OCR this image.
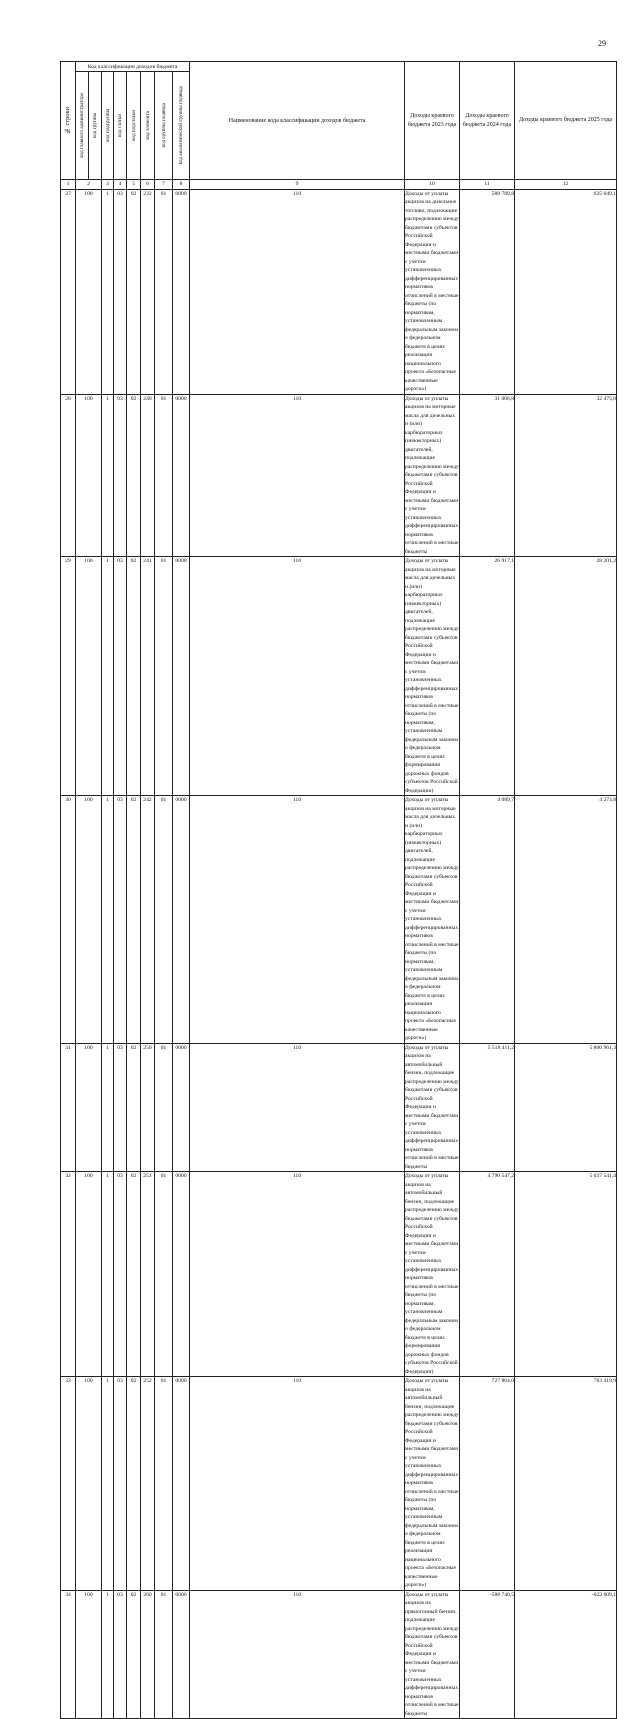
29
№ строки	Код классификации доходов бюджета								Наименование кода классификации доходов бюджета	Доходы краевого бюджета 2023 года	Доходы краевого бюджета 2024 года	Доходы краевого бюджета 2025 года	

	код главного администратора	код группы	код подгруппы	код статьи	код подстатьи	код элемента	код группы подвида	код аналитической группы подвида					

1	2		3	4	5	6	7	8	9	10	11	12	
27	100		1	03	02	232	01	0000	110	Доходы от уплаты акцизов на дизельное топливо, подлежащие распределению между бюджетами субъектов Российской Федерации и местными бюджетами с учетом установленных дифференцированных нормативов отчислений в местные бюджеты (по нормативам, установленным федеральным законом о федеральном бюджете в целях реализации национального проекта «Безопасные качественные дороги»)	588 789,8	625 649,1	
28	100		1	03	02	240	01	0000	110	Доходы от уплаты акцизов на моторные масла для дизельных и (или) карбюраторных (инжекторных) двигателей, подлежащие распределению между бюджетами субъектов Российской Федерации и местными бюджетами с учетом установленных дифференцированных нормативов отчислений в местные бюджеты	31 006,8	32 475,0	
29	100		1	03	02	241	01	0000	110	Доходы от уплаты акцизов на моторные масла для дизельных и (или) карбюраторных (инжекторных) двигателей, подлежащие распределению между бюджетами субъектов Российской Федерации и местными бюджетами с учетом установленных дифференцированных нормативов отчислений в местные бюджеты (по нормативам, установленным федеральным законом о федеральном бюджете в целях формирования дорожных фондов субъектов Российской Федерации)	26 917,1	28 201,2	
30	100		1	03	02	242	01	0000	110	Доходы от уплаты акцизов на моторные масла для дизельных и (или) карбюраторных (инжекторных) двигателей, подлежащие распределению между бюджетами субъектов Российской Федерации и местными бюджетами с учетом установленных дифференцированных нормативов отчислений в местные бюджеты (по нормативам, установленным федеральным законом о федеральном бюджете в целях реализации национального проекта «Безопасные качественные дороги»)	4 089,7	4 273,8	
31	100		1	03	02	250	01	0000	110	Доходы от уплаты акцизов на автомобильный бензин, подлежащие распределению между бюджетами субъектов Российской Федерации и местными бюджетами с учетом установленных дифференцированных нормативов отчислений в местные бюджеты	5 518 411,2	5 800 961,3	
32	100		1	03	02	251	01	0000	110	Доходы от уплаты акцизов на автомобильный бензин, подлежащие распределению между бюджетами субъектов Российской Федерации и местными бюджетами с учетом установленных дифференцированных нормативов отчислений в местные бюджеты (по нормативам, установленным федеральным законом о федеральном бюджете в целях формирования дорожных фондов субъектов Российской Федерации)	4 790 547,2	5 037 541,4	
33	100		1	03	02	252	01	0000	110	Доходы от уплаты акцизов на автомобильный бензин, подлежащие распределению между бюджетами субъектов Российской Федерации и местными бюджетами с учетом установленных дифференцированных нормативов отчислений в местные бюджеты (по нормативам, установленным федеральным законом о федеральном бюджете в целях реализации национального проекта «Безопасные качественные дороги»)	727 864,0	763 419,9	
34	100		1	03	02	260	01	0000	110	Доходы от уплаты акцизов на прямогонный бензин, подлежащие распределению между бюджетами субъектов Российской Федерации и местными бюджетами с учетом установленных дифференцированных нормативов отчислений в местные бюджеты	-588 740,5	-622 609,1	
